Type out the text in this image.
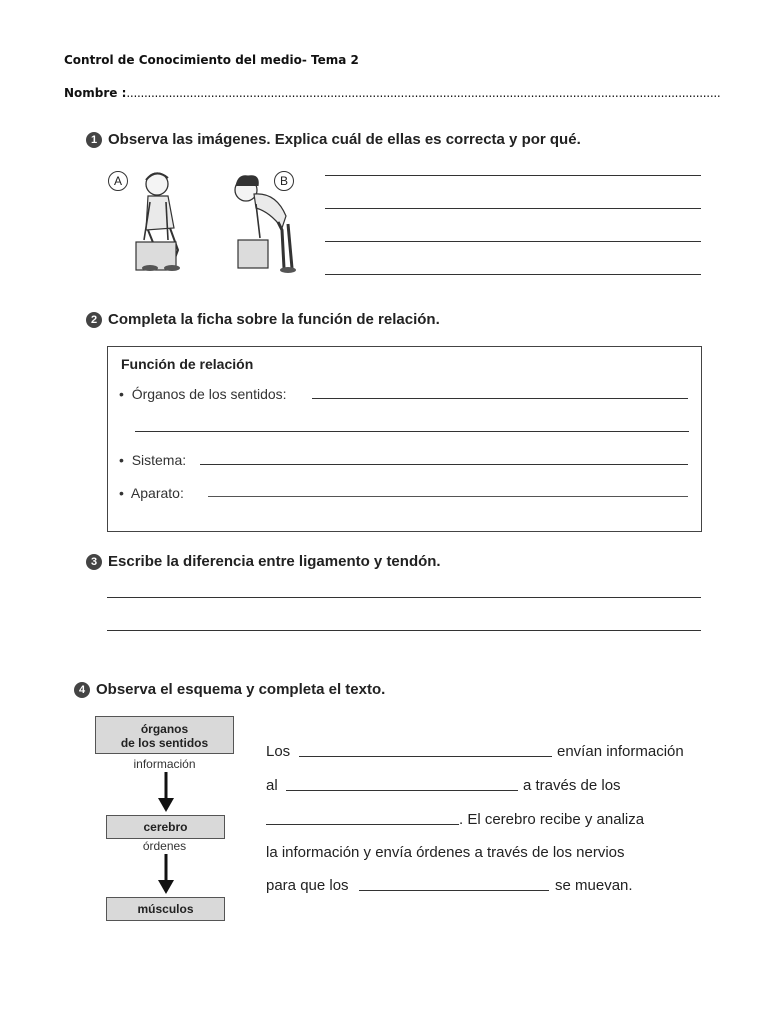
Control de Conocimiento del medio- Tema 2
Nombre :.........................................................................................................................................................................
1 Observa las imágenes. Explica cuál de ellas es correcta y por qué.
A	B
2 Completa la ficha sobre la función de relación.
Función de relación
• Órganos de los sentidos:
• Sistema:
• Aparato:
3 Escribe la diferencia entre ligamento y tendón.
4 Observa el esquema y completa el texto.
órganos
de los sentidos
información
cerebro
órdenes
músculos
Los	envían información
al	a través de los
. El cerebro recibe y analiza
la información y envía órdenes a través de los nervios
para que los	se muevan.
